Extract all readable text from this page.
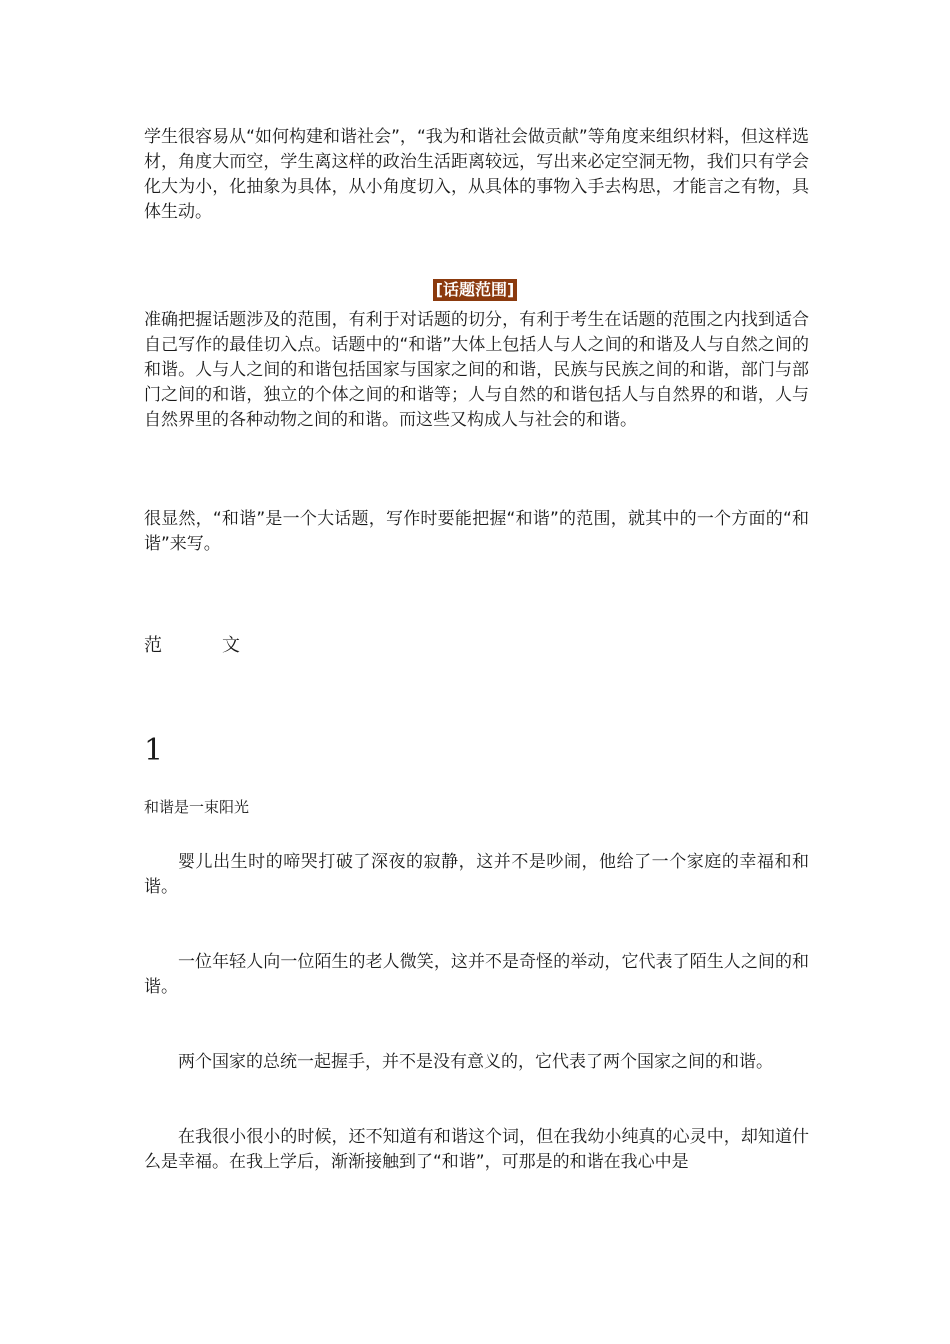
学生很容易从“如何构建和谐社会”，“我为和谐社会做贡献”等角度来组织材料，但这样选材，角度大而空，学生离这样的政治生活距离较远，写出来必定空洞无物，我们只有学会化大为小，化抽象为具体，从小角度切入，从具体的事物入手去构思，才能言之有物，具体生动。

[话题范围]

准确把握话题涉及的范围，有利于对话题的切分，有利于考生在话题的范围之内找到适合自己写作的最佳切入点。话题中的“和谐”大体上包括人与人之间的和谐及人与自然之间的和谐。人与人之间的和谐包括国家与国家之间的和谐，民族与民族之间的和谐，部门与部门之间的和谐，独立的个体之间的和谐等；人与自然的和谐包括人与自然界的和谐，人与自然界里的各种动物之间的和谐。而这些又构成人与社会的和谐。

很显然，“和谐”是一个大话题，写作时要能把握“和谐”的范围，就其中的一个方面的“和谐”来写。

范	文
1
和谐是一束阳光

婴儿出生时的啼哭打破了深夜的寂静，这并不是吵闹，他给了一个家庭的幸福和和谐。

一位年轻人向一位陌生的老人微笑，这并不是奇怪的举动，它代表了陌生人之间的和谐。

两个国家的总统一起握手，并不是没有意义的，它代表了两个国家之间的和谐。

在我很小很小的时候，还不知道有和谐这个词，但在我幼小纯真的心灵中，却知道什么是幸福。在我上学后，渐渐接触到了“和谐”，可那是的和谐在我心中是
